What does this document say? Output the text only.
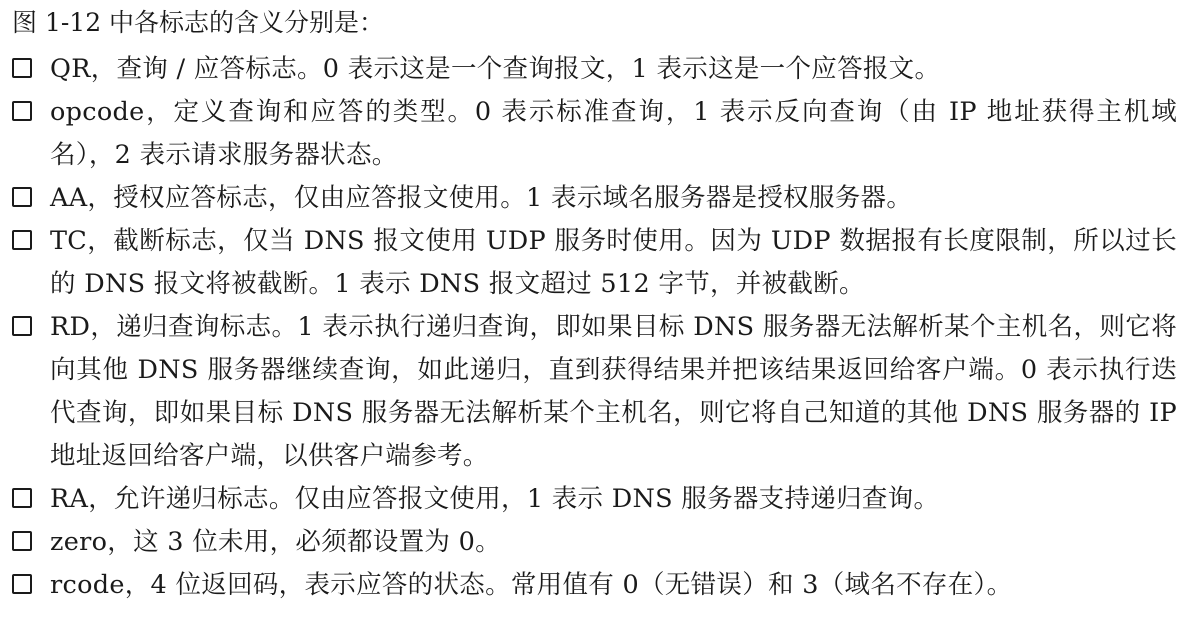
图 1-12 中各标志的含义分别是：
QR，查询 / 应答标志。0 表示这是一个查询报文，1 表示这是一个应答报文。
opcode，定义查询和应答的类型。0 表示标准查询，1 表示反向查询（由 IP 地址获得主机域名），2 表示请求服务器状态。
AA，授权应答标志，仅由应答报文使用。1 表示域名服务器是授权服务器。
TC，截断标志，仅当 DNS 报文使用 UDP 服务时使用。因为 UDP 数据报有长度限制，所以过长的 DNS 报文将被截断。1 表示 DNS 报文超过 512 字节，并被截断。
RD，递归查询标志。1 表示执行递归查询，即如果目标 DNS 服务器无法解析某个主机名，则它将向其他 DNS 服务器继续查询，如此递归，直到获得结果并把该结果返回给客户端。0 表示执行迭代查询，即如果目标 DNS 服务器无法解析某个主机名，则它将自己知道的其他 DNS 服务器的 IP 地址返回给客户端，以供客户端参考。
RA，允许递归标志。仅由应答报文使用，1 表示 DNS 服务器支持递归查询。
zero，这 3 位未用，必须都设置为 0。
rcode，4 位返回码，表示应答的状态。常用值有 0（无错误）和 3（域名不存在）。
